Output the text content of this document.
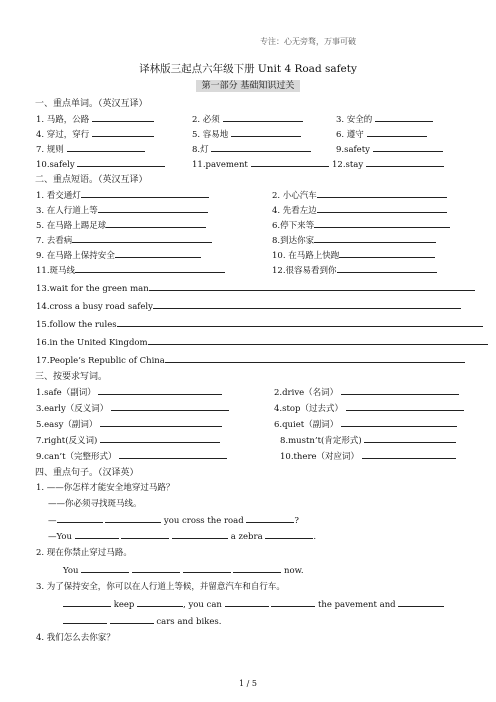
专注：心无旁骛，万事可破
译林版三起点六年级下册 Unit 4 Road safety
第一部分 基础知识过关
一、重点单词。（英汉互译）
1. 马路，公路	2. 必须	3. 安全的
4. 穿过，穿行	5. 容易地	6. 遵守
7. 规则	8.灯	9.safety
10.safely	11.pavement	12.stay
二、重点短语。（英汉互译）
1. 看交通灯	2. 小心汽车
3. 在人行道上等	4. 先看左边
5. 在马路上踢足球	6.停下来等
7. 去看病	8.到达你家
9. 在马路上保持安全	10. 在马路上快跑
11.斑马线	12.很容易看到你
13.wait for the green man
14.cross a busy road safely
15.follow the rules
16.in the United Kingdom
17.People’s Republic of China
三、按要求写词。
1.safe（副词）	2.drive（名词）
3.early（反义词）	4.stop（过去式）
5.easy（副词）	6.quiet（副词）
7.right(反义词)	8.mustn’t(肯定形式)
9.can’t（完整形式）	10.there（对应词）
四、重点句子。（汉译英）
1. ——你怎样才能安全地穿过马路？
——你必须寻找斑马线。
—	you cross the road	?
—You	a zebra	.
2. 现在你禁止穿过马路。
You	now.
3. 为了保持安全，你可以在人行道上等候，并留意汽车和自行车。
keep	, you can	the pavement and
cars and bikes.
4. 我们怎么去你家？
1 / 5
